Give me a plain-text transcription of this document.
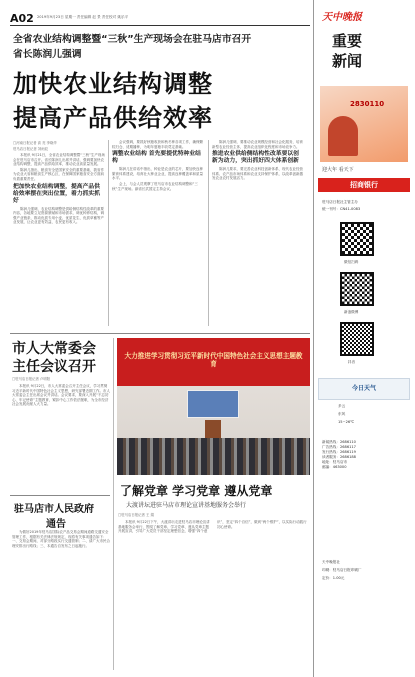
A02 2019年9月23日 星期一 责任编辑 赵 景 责任校对 姚乐平
全省农业结构调整暨“三秋”生产现场会在驻马店市召开
省长陈润儿强调
加快农业结构调整
提高产品供给效率
□河南日报记者 高 亮 李晓华
驻马店日报记者 刘雨辰

本报讯 9月21日，全省农业结构调整暨“三秋”生产现场会在驻马店市召开。省长陈润儿出席并讲话，强调要加快农业结构调整，提高产品供给效率，推动农业高质量发展。

陈润儿指出，粮食安全是国家安全的重要基础，我省作为农业大省和粮食生产核心区，在保障国家粮食安全方面肩负着重要责任。

把加快农业结构调整，提高产品供给效率摆在突出位置，着力抓实抓好

陈润儿强调，农业结构调整是供给侧结构性改革的重要内容，各地要立足资源禀赋和市场需求，调优种养结构，调强产业链条，推动优质专用小麦、优质花生、优质草畜等产业发展，让农业更有效益、农民更有收入。

会议强调，要抓好秋粮收获和秋冬种各项工作，确保颗粒归仓、适期播种，为明年夏粮丰收奠定基础。

调整农业结构 首先要提优特种业结构

陈润儿在讲话中指出，种业是农业的芯片，要加快良种繁育体系建设，培育壮大种业企业，提高良种覆盖率和质量水平。

会上，与会人员观摩了驻马店市农业结构调整和“三秋”生产现场。副省长武国定主持会议。

陈润儿强调，要推动农业规模经营和社会化服务，培育新型农业经营主体，提高农业组织化程度和市场竞争力。

推进农业供给侧结构性改革要以创新为动力，突出抓好四大体系创新

陈润儿要求，要完善农业科技创新体系、现代农业经营体系、农产品市场体系和农业支持保护体系，以改革创新激发农业农村发展活力。

市人大常委会
主任会议召开
□驻马店日报记者 卢明阳
本报讯 9月22日，市人大常委会召开主任会议，学习贯彻习近平新时代中国特色社会主义思想，研究部署近期工作。市人大常委会主任出席会议并讲话。会议要求，要深入开展“不忘初心、牢记使命”主题教育，紧扣中心工作依法履职，为全市经济社会发展贡献人大力量。
驻马店市人民政府
通告
为做好2019年驻马店国际农产品交易会期间道路交通安全管理工作，根据有关法律法规规定，现将有关事项通告如下：一、交易会期间，对部分路段实行交通管制；二、请广大市民合理安排出行路线；三、本通告自发布之日起施行。
大力推进学习贯彻习近平新时代中国特色社会主义思想主题教育
了解党章 学习党章 遵从党章
大渡讲坛进驻马店市理论宣讲基地服务会举行
□驻马店日报记者 王 娟
本报讯 9月22日下午，大渡讲坛走进驻马店市理论宣讲基地服务会举行，围绕了解党章、学习党章、遵从党章主题开展宣讲，引导广大党员干部坚定理想信念，增强“四个意识”，坚定“四个自信”，做到“两个维护”，以实际行动践行初心使命。
天中晚报
重要
新闻
2830110
迎大年 看天下
招商银行
驻马店日报社主管主办
统一刊号：CN41-0083
微信扫码
新浪微博
抖音
今日天气
多云
东风
15~26℃
新闻热线：2686110
广告热线：2686117
发行热线：2686119
读者服务：2686188
地址：驻马店市
邮编：463000
天中晚报社
印刷：驻马店日报印刷厂
定价：1.00元
